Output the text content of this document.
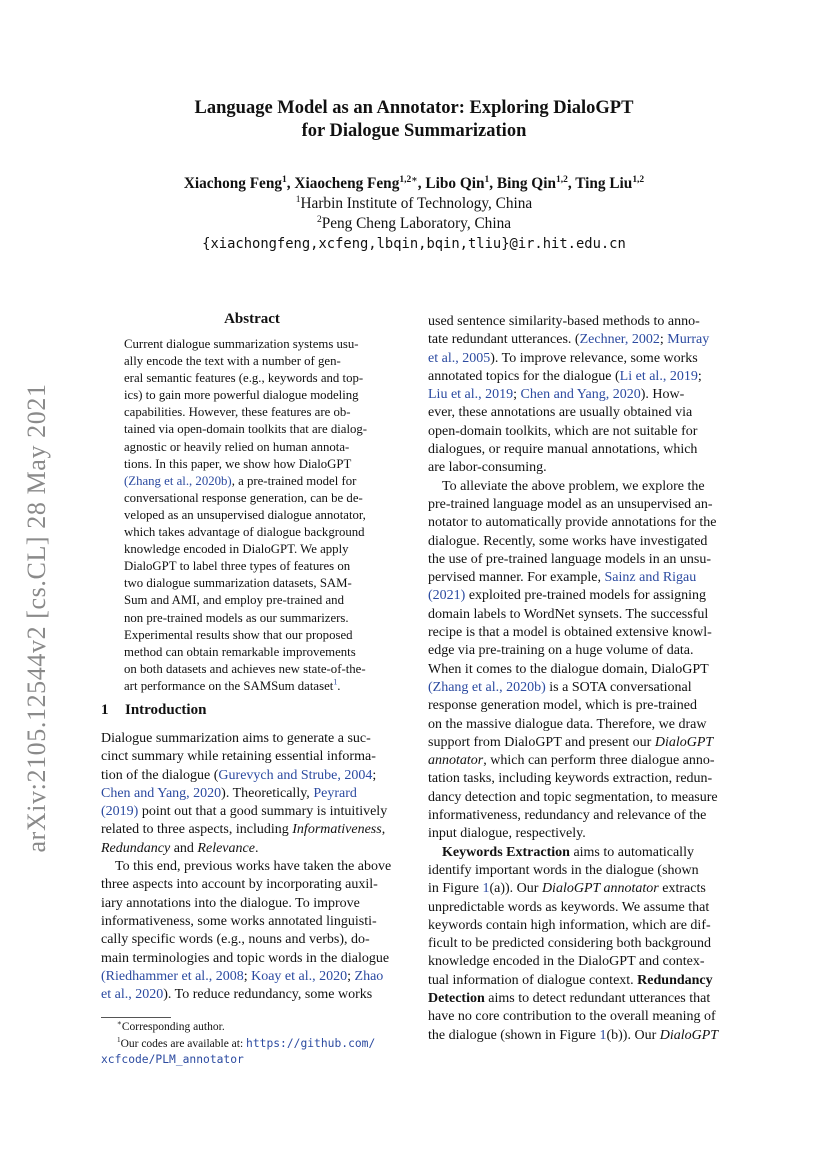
arXiv:2105.12544v2 [cs.CL] 28 May 2021
Language Model as an Annotator: Exploring DialoGPT
for Dialogue Summarization
Xiachong Feng$^1$, Xiaocheng Feng$^{1,2∗}$, Libo Qin$^1$, Bing Qin$^{1,2}$, Ting Liu$^{1,2}$
$^1$Harbin Institute of Technology, China
$^2$Peng Cheng Laboratory, China
{xiachongfeng,xcfeng,lbqin,bqin,tliu}@ir.hit.edu.cn
Abstract
Current dialogue summarization systems usu-
ally encode the text with a number of gen-
eral semantic features (e.g., keywords and top-
ics) to gain more powerful dialogue modeling
capabilities. However, these features are ob-
tained via open-domain toolkits that are dialog-
agnostic or heavily relied on human annota-
tions. In this paper, we show how DialoGPT
(Zhang et al., 2020b), a pre-trained model for
conversational response generation, can be de-
veloped as an unsupervised dialogue annotator,
which takes advantage of dialogue background
knowledge encoded in DialoGPT. We apply
DialoGPT to label three types of features on
two dialogue summarization datasets, SAM-
Sum and AMI, and employ pre-trained and
non pre-trained models as our summarizers.
Experimental results show that our proposed
method can obtain remarkable improvements
on both datasets and achieves new state-of-the-
art performance on the SAMSum dataset$^1$.
1 Introduction
Dialogue summarization aims to generate a suc-
cinct summary while retaining essential informa-
tion of the dialogue (Gurevych and Strube, 2004;
Chen and Yang, 2020). Theoretically, Peyrard
(2019) point out that a good summary is intuitively
related to three aspects, including Informativeness,
Redundancy and Relevance.
To this end, previous works have taken the above
three aspects into account by incorporating auxil-
iary annotations into the dialogue. To improve
informativeness, some works annotated linguisti-
cally specific words (e.g., nouns and verbs), do-
main terminologies and topic words in the dialogue
(Riedhammer et al., 2008; Koay et al., 2020; Zhao
et al., 2020). To reduce redundancy, some works
used sentence similarity-based methods to anno-
tate redundant utterances. (Zechner, 2002; Murray
et al., 2005). To improve relevance, some works
annotated topics for the dialogue (Li et al., 2019;
Liu et al., 2019; Chen and Yang, 2020). How-
ever, these annotations are usually obtained via
open-domain toolkits, which are not suitable for
dialogues, or require manual annotations, which
are labor-consuming.
To alleviate the above problem, we explore the
pre-trained language model as an unsupervised an-
notator to automatically provide annotations for the
dialogue. Recently, some works have investigated
the use of pre-trained language models in an unsu-
pervised manner. For example, Sainz and Rigau
(2021) exploited pre-trained models for assigning
domain labels to WordNet synsets. The successful
recipe is that a model is obtained extensive knowl-
edge via pre-training on a huge volume of data.
When it comes to the dialogue domain, DialoGPT
(Zhang et al., 2020b) is a SOTA conversational
response generation model, which is pre-trained
on the massive dialogue data. Therefore, we draw
support from DialoGPT and present our DialoGPT
annotator, which can perform three dialogue anno-
tation tasks, including keywords extraction, redun-
dancy detection and topic segmentation, to measure
informativeness, redundancy and relevance of the
input dialogue, respectively.
Keywords Extraction aims to automatically
identify important words in the dialogue (shown
in Figure 1(a)). Our DialoGPT annotator extracts
unpredictable words as keywords. We assume that
keywords contain high information, which are dif-
ficult to be predicted considering both background
knowledge encoded in the DialoGPT and contex-
tual information of dialogue context. Redundancy
Detection aims to detect redundant utterances that
have no core contribution to the overall meaning of
the dialogue (shown in Figure 1(b)). Our DialoGPT
∗Corresponding author.
$^1$Our codes are available at: https://github.com/
xcfcode/PLM_annotator
